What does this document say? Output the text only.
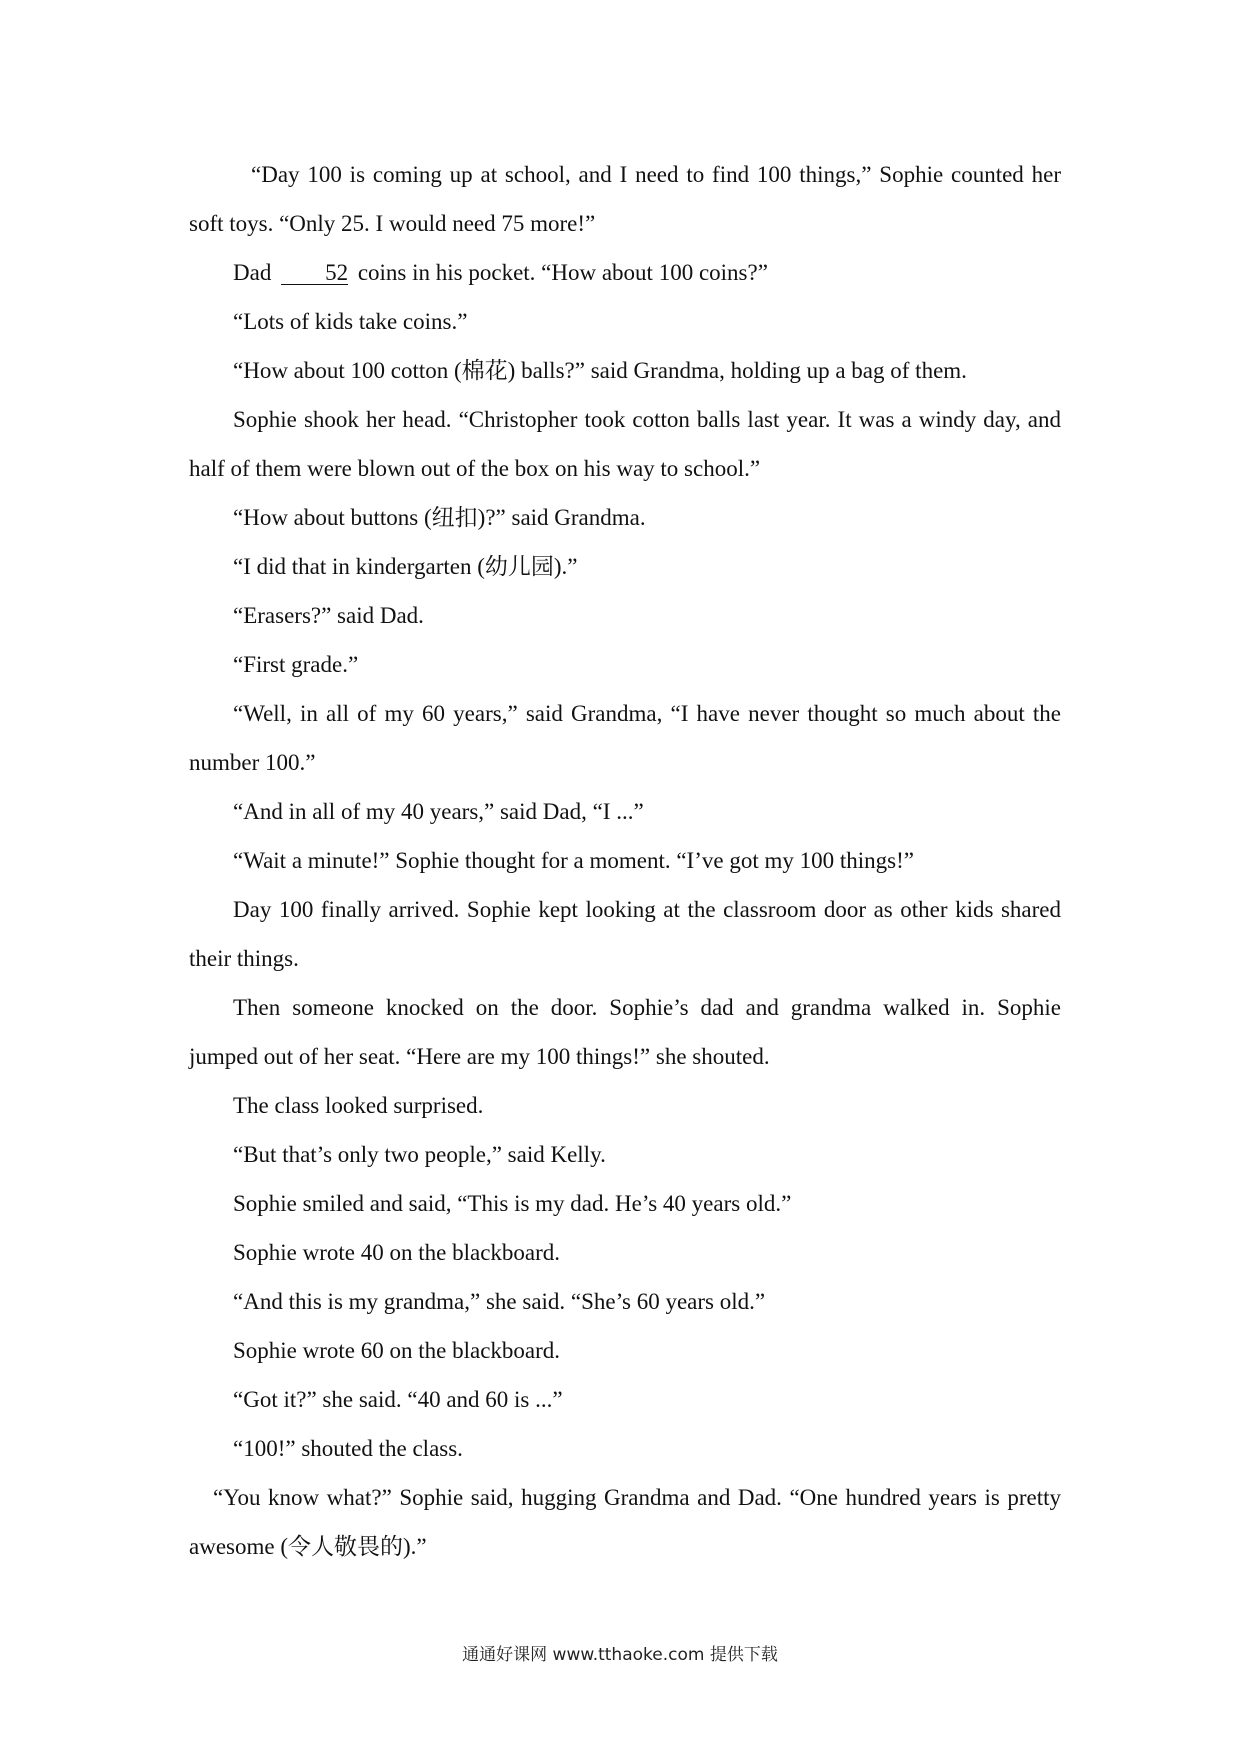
“Day 100 is coming up at school, and I need to find 100 things,” Sophie counted her soft toys. “Only 25. I would need 75 more!”

Dad 52 coins in his pocket. “How about 100 coins?”

“Lots of kids take coins.”

“How about 100 cotton (棉花) balls?” said Grandma, holding up a bag of them.

Sophie shook her head. “Christopher took cotton balls last year. It was a windy day, and half of them were blown out of the box on his way to school.”

“How about buttons (纽扣)?” said Grandma.

“I did that in kindergarten (幼儿园).”

“Erasers?” said Dad.

“First grade.”

“Well, in all of my 60 years,” said Grandma, “I have never thought so much about the number 100.”

“And in all of my 40 years,” said Dad, “I ...”

“Wait a minute!” Sophie thought for a moment. “I’ve got my 100 things!”

Day 100 finally arrived. Sophie kept looking at the classroom door as other kids shared their things.

Then someone knocked on the door. Sophie’s dad and grandma walked in. Sophie jumped out of her seat. “Here are my 100 things!” she shouted.

The class looked surprised.

“But that’s only two people,” said Kelly.

Sophie smiled and said, “This is my dad. He’s 40 years old.”

Sophie wrote 40 on the blackboard.

“And this is my grandma,” she said. “She’s 60 years old.”

Sophie wrote 60 on the blackboard.

“Got it?” she said. “40 and 60 is ...”

“100!” shouted the class.

“You know what?” Sophie said, hugging Grandma and Dad. “One hundred years is pretty awesome (令人敬畏的).”

通通好课网 www.tthaoke.com 提供下载
